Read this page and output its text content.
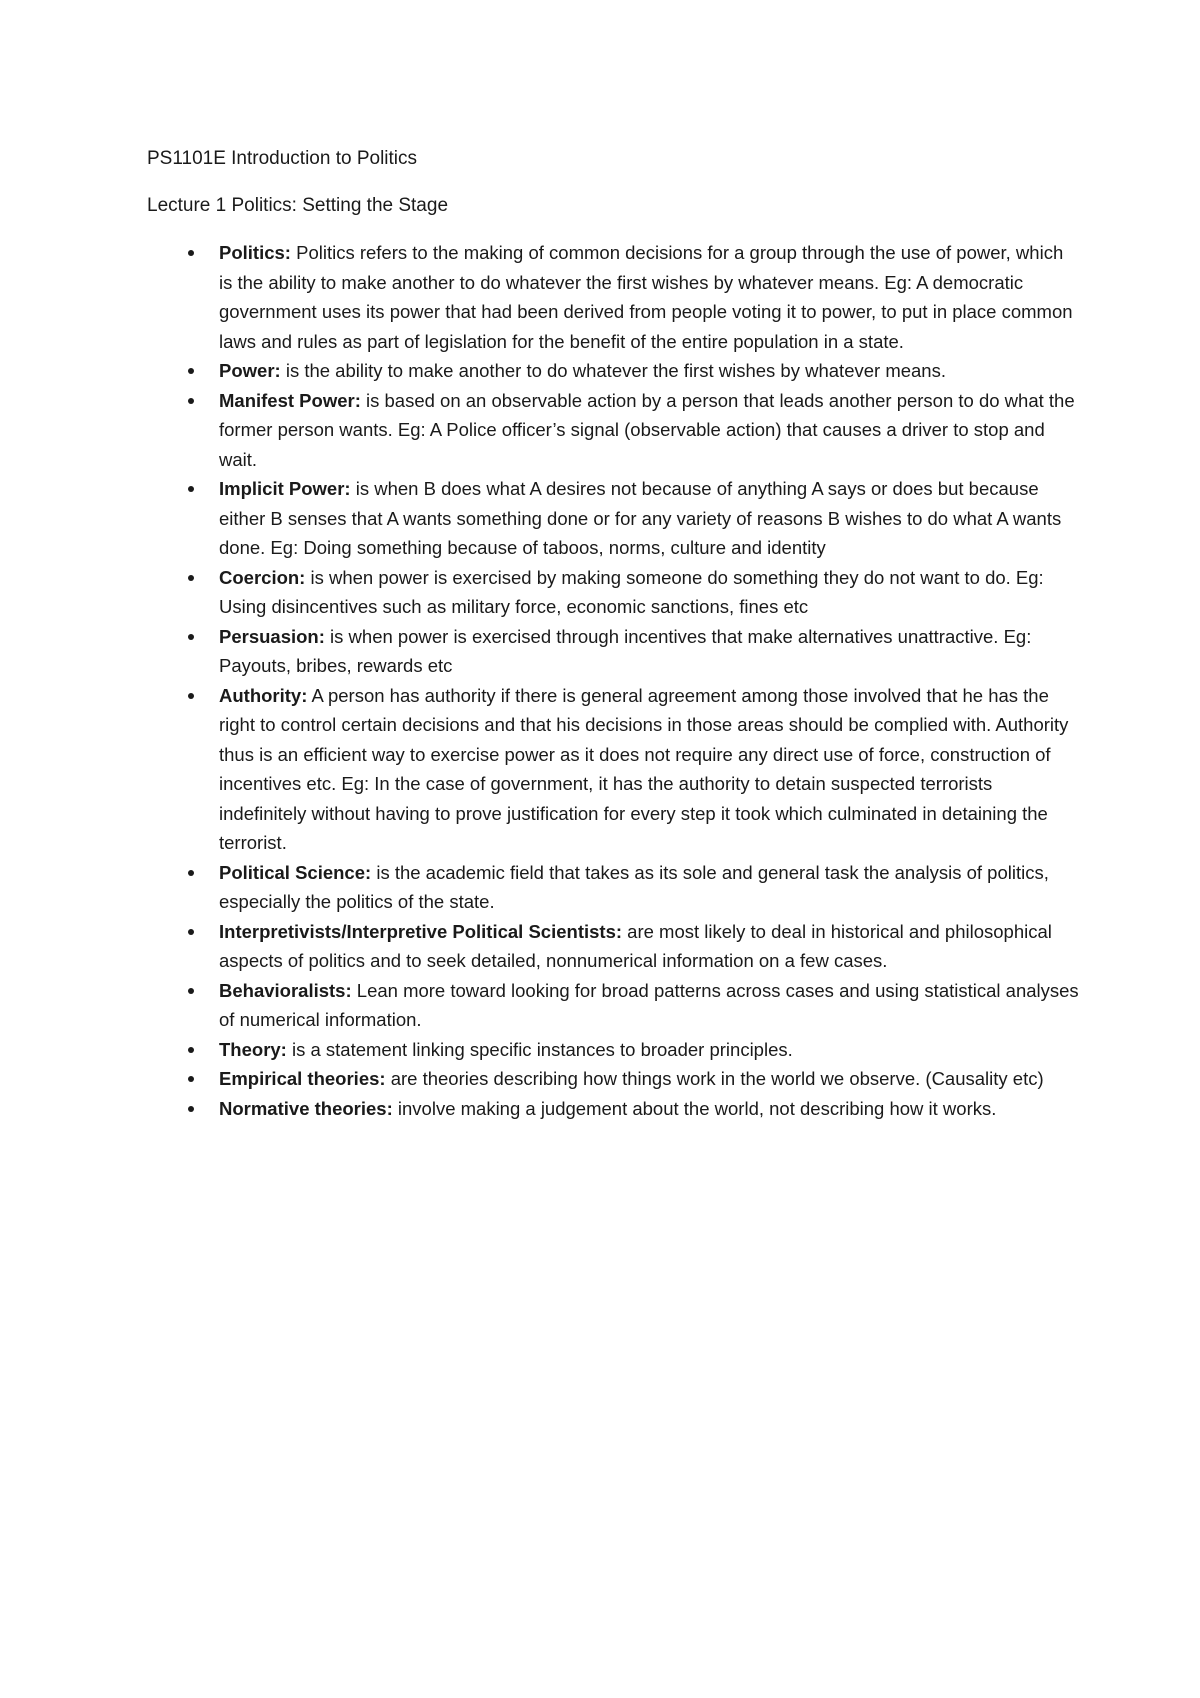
PS1101E Introduction to Politics

Lecture 1 Politics: Setting the Stage

Politics: Politics refers to the making of common decisions for a group through the use of power, which is the ability to make another to do whatever the first wishes by whatever means. Eg: A democratic government uses its power that had been derived from people voting it to power, to put in place common laws and rules as part of legislation for the benefit of the entire population in a state.
Power: is the ability to make another to do whatever the first wishes by whatever means.
Manifest Power: is based on an observable action by a person that leads another person to do what the former person wants. Eg: A Police officer’s signal (observable action) that causes a driver to stop and wait.
Implicit Power: is when B does what A desires not because of anything A says or does but because either B senses that A wants something done or for any variety of reasons B wishes to do what A wants done. Eg: Doing something because of taboos, norms, culture and identity
Coercion: is when power is exercised by making someone do something they do not want to do. Eg: Using disincentives such as military force, economic sanctions, fines etc
Persuasion: is when power is exercised through incentives that make alternatives unattractive. Eg: Payouts, bribes, rewards etc
Authority: A person has authority if there is general agreement among those involved that he has the right to control certain decisions and that his decisions in those areas should be complied with. Authority thus is an efficient way to exercise power as it does not require any direct use of force, construction of incentives etc. Eg: In the case of government, it has the authority to detain suspected terrorists indefinitely without having to prove justification for every step it took which culminated in detaining the terrorist.
Political Science: is the academic field that takes as its sole and general task the analysis of politics, especially the politics of the state.
Interpretivists/Interpretive Political Scientists: are most likely to deal in historical and philosophical aspects of politics and to seek detailed, nonnumerical information on a few cases.
Behavioralists: Lean more toward looking for broad patterns across cases and using statistical analyses of numerical information.
Theory: is a statement linking specific instances to broader principles.
Empirical theories: are theories describing how things work in the world we observe. (Causality etc)
Normative theories: involve making a judgement about the world, not describing how it works.
